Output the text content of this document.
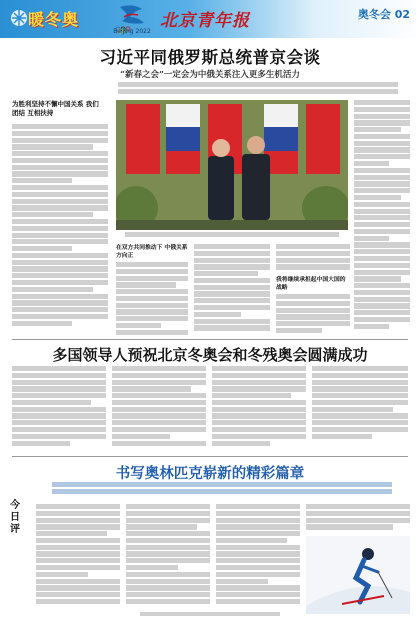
暖冬奥
Beijing 2022
北京青年报	奥冬会 02
习近平同俄罗斯总统普京会谈
“新春之会”一定会为中俄关系注入更多生机活力
为胜利坚持不懈中国关系 我们团结 互相扶持
在双方共同推动下 中俄关系方向正
我将继续承担起中国大国的战略
多国领导人预祝北京冬奥会和冬残奥会圆满成功
书写奥林匹克崭新的精彩篇章
今
日
评
